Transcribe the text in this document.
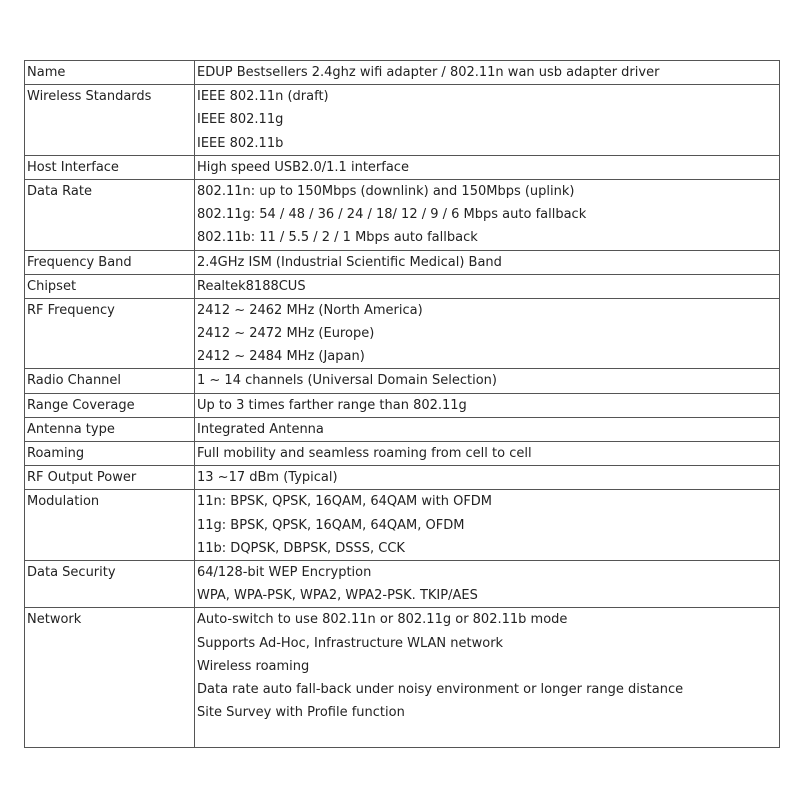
Name	EDUP Bestsellers 2.4ghz wifi adapter / 802.11n wan usb adapter driver

Wireless Standards	IEEE 802.11n (draft)
IEEE 802.11g
IEEE 802.11b

Host Interface	High speed USB2.0/1.1 interface

Data Rate	802.11n: up to 150Mbps (downlink) and 150Mbps (uplink)
802.11g: 54 / 48 / 36 / 24 / 18/ 12 / 9 / 6 Mbps auto fallback
802.11b: 11 / 5.5 / 2 / 1 Mbps auto fallback

Frequency Band	2.4GHz ISM (Industrial Scientific Medical) Band

Chipset	Realtek8188CUS

RF Frequency	2412 ~ 2462 MHz (North America)
2412 ~ 2472 MHz (Europe)
2412 ~ 2484 MHz (Japan)

Radio Channel	1 ~ 14 channels (Universal Domain Selection)

Range Coverage	Up to 3 times farther range than 802.11g

Antenna type	Integrated Antenna

Roaming	Full mobility and seamless roaming from cell to cell

RF Output Power	13 ~17 dBm (Typical)

Modulation	11n: BPSK, QPSK, 16QAM, 64QAM with OFDM
11g: BPSK, QPSK, 16QAM, 64QAM, OFDM
11b: DQPSK, DBPSK, DSSS, CCK

Data Security	64/128-bit WEP Encryption
WPA, WPA-PSK, WPA2, WPA2-PSK. TKIP/AES

Network	Auto-switch to use 802.11n or 802.11g or 802.11b mode
Supports Ad-Hoc, Infrastructure WLAN network
Wireless roaming
Data rate auto fall-back under noisy environment or longer range distance
Site Survey with Profile function
